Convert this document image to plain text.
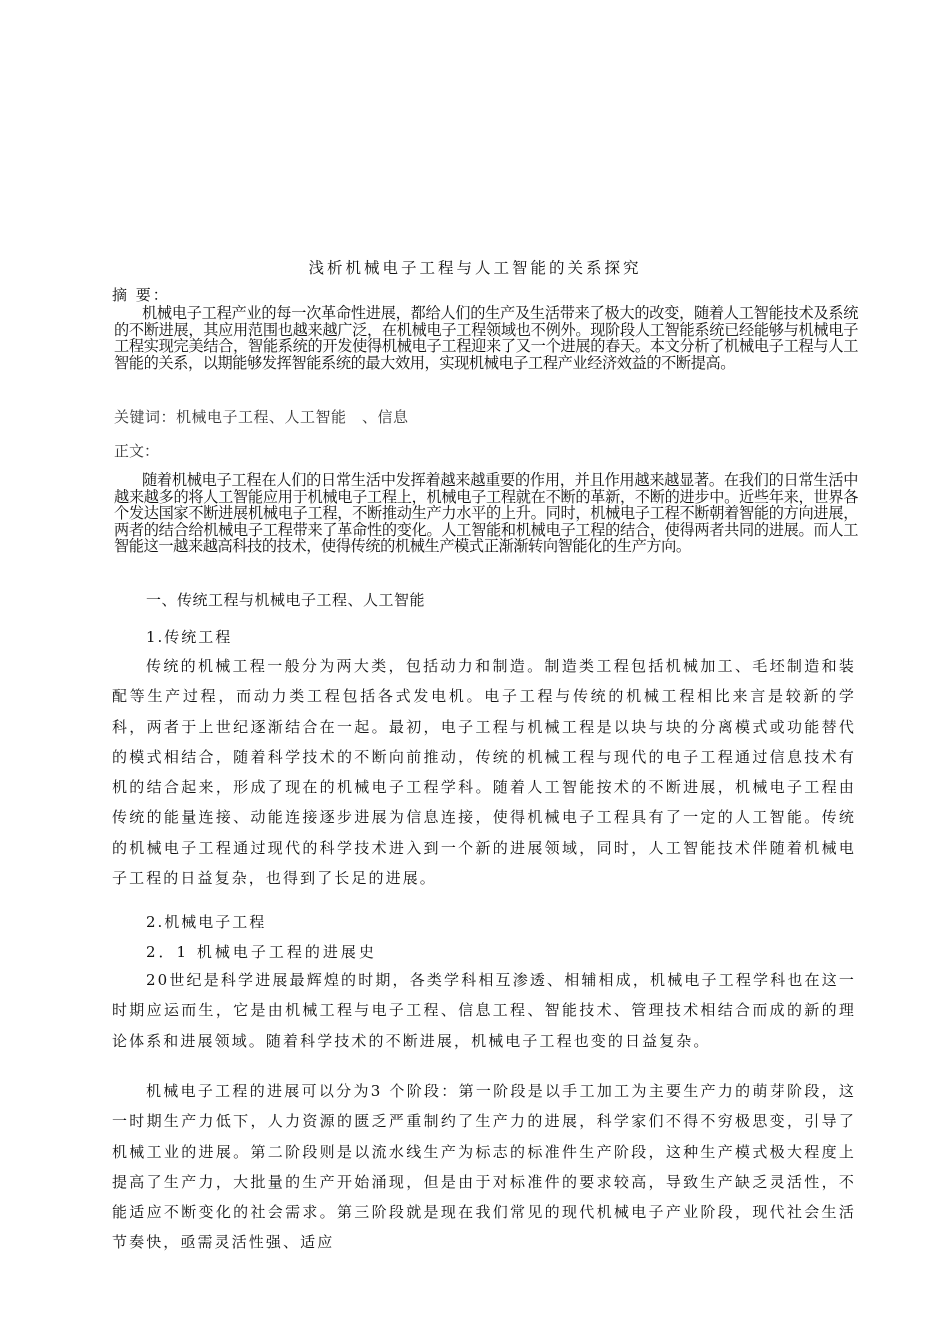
浅析机械电子工程与人工智能的关系探究
摘 要：
机械电子工程产业的每一次革命性进展，都给人们的生产及生活带来了极大的改变，随着人工智能技术及系统的不断进展，其应用范围也越来越广泛，在机械电子工程领域也不例外。现阶段人工智能系统已经能够与机械电子工程实现完美结合，智能系统的开发使得机械电子工程迎来了又一个进展的春天。本文分析了机械电子工程与人工智能的关系，以期能够发挥智能系统的最大效用，实现机械电子工程产业经济效益的不断提高。
关键词：机械电子工程、人工智能　、信息
正文：
随着机械电子工程在人们的日常生活中发挥着越来越重要的作用，并且作用越来越显著。在我们的日常生活中越来越多的将人工智能应用于机械电子工程上，机械电子工程就在不断的革新，不断的进步中。近些年来，世界各个发达国家不断进展机械电子工程，不断推动生产力水平的上升。同时，机械电子工程不断朝着智能的方向进展，两者的结合给机械电子工程带来了革命性的变化。人工智能和机械电子工程的结合，使得两者共同的进展。而人工智能这一越来越高科技的技术，使得传统的机械生产模式正渐渐转向智能化的生产方向。
一、传统工程与机械电子工程、人工智能
1.传统工程
传统的机械工程一般分为两大类，包括动力和制造。制造类工程包括机械加工、毛坯制造和装配等生产过程，而动力类工程包括各式发电机。电子工程与传统的机械工程相比来言是较新的学科，两者于上世纪逐渐结合在一起。最初，电子工程与机械工程是以块与块的分离模式或功能替代的模式相结合，随着科学技术的不断向前推动，传统的机械工程与现代的电子工程通过信息技术有机的结合起来，形成了现在的机械电子工程学科。随着人工智能按术的不断进展，机械电子工程由传统的能量连接、动能连接逐步进展为信息连接，使得机械电子工程具有了一定的人工智能。传统的机械电子工程通过现代的科学技术进入到一个新的进展领域，同时，人工智能技术伴随着机械电子工程的日益复杂，也得到了长足的进展。
2.机械电子工程
2．1 机械电子工程的进展史
20世纪是科学进展最辉煌的时期，各类学科相互渗透、相辅相成，机械电子工程学科也在这一时期应运而生，它是由机械工程与电子工程、信息工程、智能技术、管理技术相结合而成的新的理论体系和进展领域。随着科学技术的不断进展，机械电子工程也变的日益复杂。
机械电子工程的进展可以分为3 个阶段：第一阶段是以手工加工为主要生产力的萌芽阶段，这一时期生产力低下，人力资源的匮乏严重制约了生产力的进展，科学家们不得不穷极思变，引导了机械工业的进展。第二阶段则是以流水线生产为标志的标准件生产阶段，这种生产模式极大程度上提高了生产力，大批量的生产开始涌现，但是由于对标准件的要求较高，导致生产缺乏灵活性，不能适应不断变化的社会需求。第三阶段就是现在我们常见的现代机械电子产业阶段，现代社会生活节奏快，亟需灵活性强、适应
